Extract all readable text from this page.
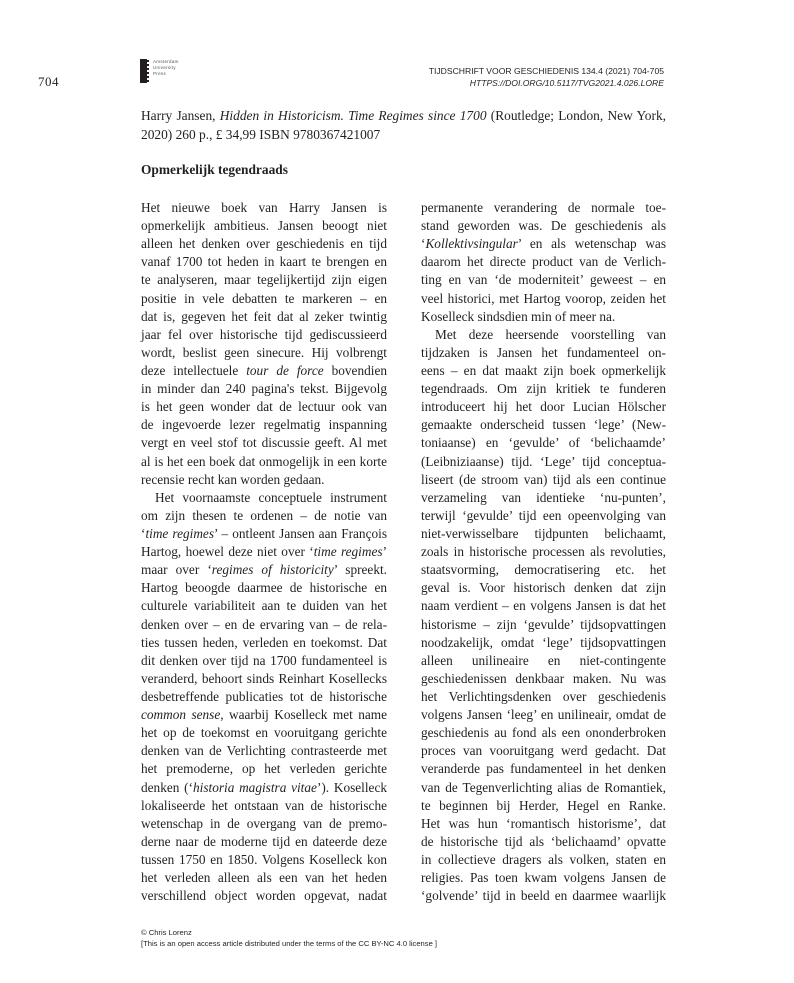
704
Amsterdam
University
Press	TIJDSCHRIFT VOOR GESCHIEDENIS 134.4 (2021) 704-705
HTTPS://DOI.ORG/10.5117/TVG2021.4.026.LORE
Harry Jansen, Hidden in Historicism. Time Regimes since 1700 (Routledge; London, New York, 2020) 260 p., £ 34,99 ISBN 9780367421007
Opmerkelijk tegendraads
Het nieuwe boek van Harry Jansen is
opmerkelijk ambitieus. Jansen beoogt niet
alleen het denken over geschiedenis en tijd
vanaf 1700 tot heden in kaart te brengen en
te analyseren, maar tegelijkertijd zijn eigen
positie in vele debatten te markeren – en
dat is, gegeven het feit dat al zeker twintig
jaar fel over historische tijd gediscussieerd
wordt, beslist geen sinecure. Hij volbrengt
deze intellectuele tour de force bovendien
in minder dan 240 pagina's tekst. Bijgevolg
is het geen wonder dat de lectuur ook van
de ingevoerde lezer regelmatig inspanning
vergt en veel stof tot discussie geeft. Al met
al is het een boek dat onmogelijk in een korte
recensie recht kan worden gedaan.
Het voornaamste conceptuele instrument
om zijn thesen te ordenen – de notie van
‘time regimes’ – ontleent Jansen aan François
Hartog, hoewel deze niet over ‘time regimes’
maar over ‘regimes of historicity’ spreekt.
Hartog beoogde daarmee de historische en
culturele variabiliteit aan te duiden van het
denken over – en de ervaring van – de rela-
ties tussen heden, verleden en toekomst. Dat
dit denken over tijd na 1700 fundamenteel is
veranderd, behoort sinds Reinhart Kosellecks
desbetreffende publicaties tot de historische
common sense, waarbij Koselleck met name
het op de toekomst en vooruitgang gerichte
denken van de Verlichting contrasteerde met
het premoderne, op het verleden gerichte
denken (‘historia magistra vitae’). Koselleck
lokaliseerde het ontstaan van de historische
wetenschap in de overgang van de premo-
derne naar de moderne tijd en dateerde deze
tussen 1750 en 1850. Volgens Koselleck kon
het verleden alleen als een van het heden
verschillend object worden opgevat, nadat
permanente verandering de normale toe-
stand geworden was. De geschiedenis als
‘Kollektivsingular’ en als wetenschap was
daarom het directe product van de Verlich-
ting en van ‘de moderniteit’ geweest – en
veel historici, met Hartog voorop, zeiden het
Koselleck sindsdien min of meer na.
Met deze heersende voorstelling van
tijdzaken is Jansen het fundamenteel on-
eens – en dat maakt zijn boek opmerkelijk
tegendraads. Om zijn kritiek te funderen
introduceert hij het door Lucian Hölscher
gemaakte onderscheid tussen ‘lege’ (New-
toniaanse) en ‘gevulde’ of ‘belichaamde’
(Leibniziaanse) tijd. ‘Lege’ tijd conceptua-
liseert (de stroom van) tijd als een continue
verzameling van identieke ‘nu-punten’,
terwijl ‘gevulde’ tijd een opeenvolging van
niet-verwisselbare tijdpunten belichaamt,
zoals in historische processen als revoluties,
staatsvorming, democratisering etc. het
geval is. Voor historisch denken dat zijn
naam verdient – en volgens Jansen is dat het
historisme – zijn ‘gevulde’ tijdsopvattingen
noodzakelijk, omdat ‘lege’ tijdsopvattingen
alleen unilineaire en niet-contingente
geschiedenissen denkbaar maken. Nu was
het Verlichtingsdenken over geschiedenis
volgens Jansen ‘leeg’ en unilineair, omdat de
geschiedenis au fond als een ononderbroken
proces van vooruitgang werd gedacht. Dat
veranderde pas fundamenteel in het denken
van de Tegenverlichting alias de Romantiek,
te beginnen bij Herder, Hegel en Ranke.
Het was hun ‘romantisch historisme’, dat
de historische tijd als ‘belichaamd’ opvatte
in collectieve dragers als volken, staten en
religies. Pas toen kwam volgens Jansen de
‘golvende’ tijd in beeld en daarmee waarlijk
© Chris Lorenz
[This is an open access article distributed under the terms of the CC BY-NC 4.0 license ]
